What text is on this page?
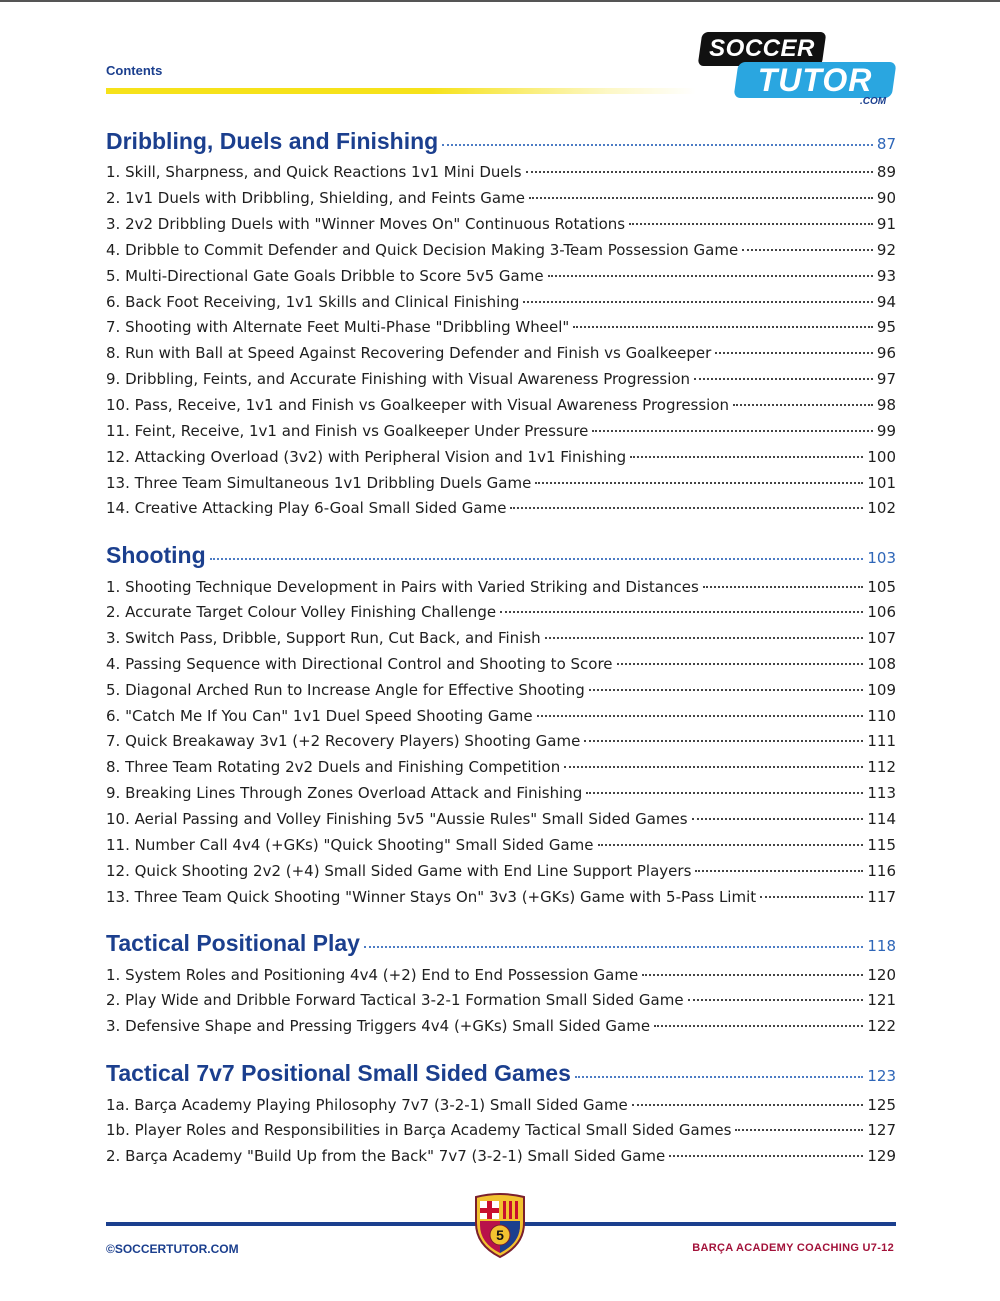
Contents
SOCCER
TUTOR
.COM
Dribbling, Duels and Finishing	87
1. Skill, Sharpness, and Quick Reactions 1v1 Mini Duels	89
2. 1v1 Duels with Dribbling, Shielding, and Feints Game	90
3. 2v2 Dribbling Duels with "Winner Moves On" Continuous Rotations	91
4. Dribble to Commit Defender and Quick Decision Making 3-Team Possession Game	92
5. Multi-Directional Gate Goals Dribble to Score 5v5 Game	93
6. Back Foot Receiving, 1v1 Skills and Clinical Finishing	94
7. Shooting with Alternate Feet Multi-Phase "Dribbling Wheel"	95
8. Run with Ball at Speed Against Recovering Defender and Finish vs Goalkeeper	96
9. Dribbling, Feints, and Accurate Finishing with Visual Awareness Progression	97
10. Pass, Receive, 1v1 and Finish vs Goalkeeper with Visual Awareness Progression	98
11. Feint, Receive, 1v1 and Finish vs Goalkeeper Under Pressure	99
12. Attacking Overload (3v2) with Peripheral Vision and 1v1 Finishing	100
13. Three Team Simultaneous 1v1 Dribbling Duels Game	101
14. Creative Attacking Play 6-Goal Small Sided Game	102
Shooting	103
1. Shooting Technique Development in Pairs with Varied Striking and Distances	105
2. Accurate Target Colour Volley Finishing Challenge	106
3. Switch Pass, Dribble, Support Run, Cut Back, and Finish	107
4. Passing Sequence with Directional Control and Shooting to Score	108
5. Diagonal Arched Run to Increase Angle for Effective Shooting	109
6. "Catch Me If You Can" 1v1 Duel Speed Shooting Game	110
7. Quick Breakaway 3v1 (+2 Recovery Players) Shooting Game	111
8. Three Team Rotating 2v2 Duels and Finishing Competition	112
9. Breaking Lines Through Zones Overload Attack and Finishing	113
10. Aerial Passing and Volley Finishing 5v5 "Aussie Rules" Small Sided Games	114
11. Number Call 4v4 (+GKs) "Quick Shooting" Small Sided Game	115
12. Quick Shooting 2v2 (+4) Small Sided Game with End Line Support Players	116
13. Three Team Quick Shooting "Winner Stays On" 3v3 (+GKs) Game with 5-Pass Limit	117
Tactical Positional Play	118
1. System Roles and Positioning 4v4 (+2) End to End Possession Game	120
2. Play Wide and Dribble Forward Tactical 3-2-1 Formation Small Sided Game	121
3. Defensive Shape and Pressing Triggers 4v4 (+GKs) Small Sided Game	122
Tactical 7v7 Positional Small Sided Games	123
1a. Barça Academy Playing Philosophy 7v7 (3-2-1) Small Sided Game	125
1b. Player Roles and Responsibilities in Barça Academy Tactical Small Sided Games	127
2. Barça Academy "Build Up from the Back" 7v7 (3-2-1) Small Sided Game	129
5
©SOCCERTUTOR.COM	BARÇA ACADEMY COACHING U7-12
